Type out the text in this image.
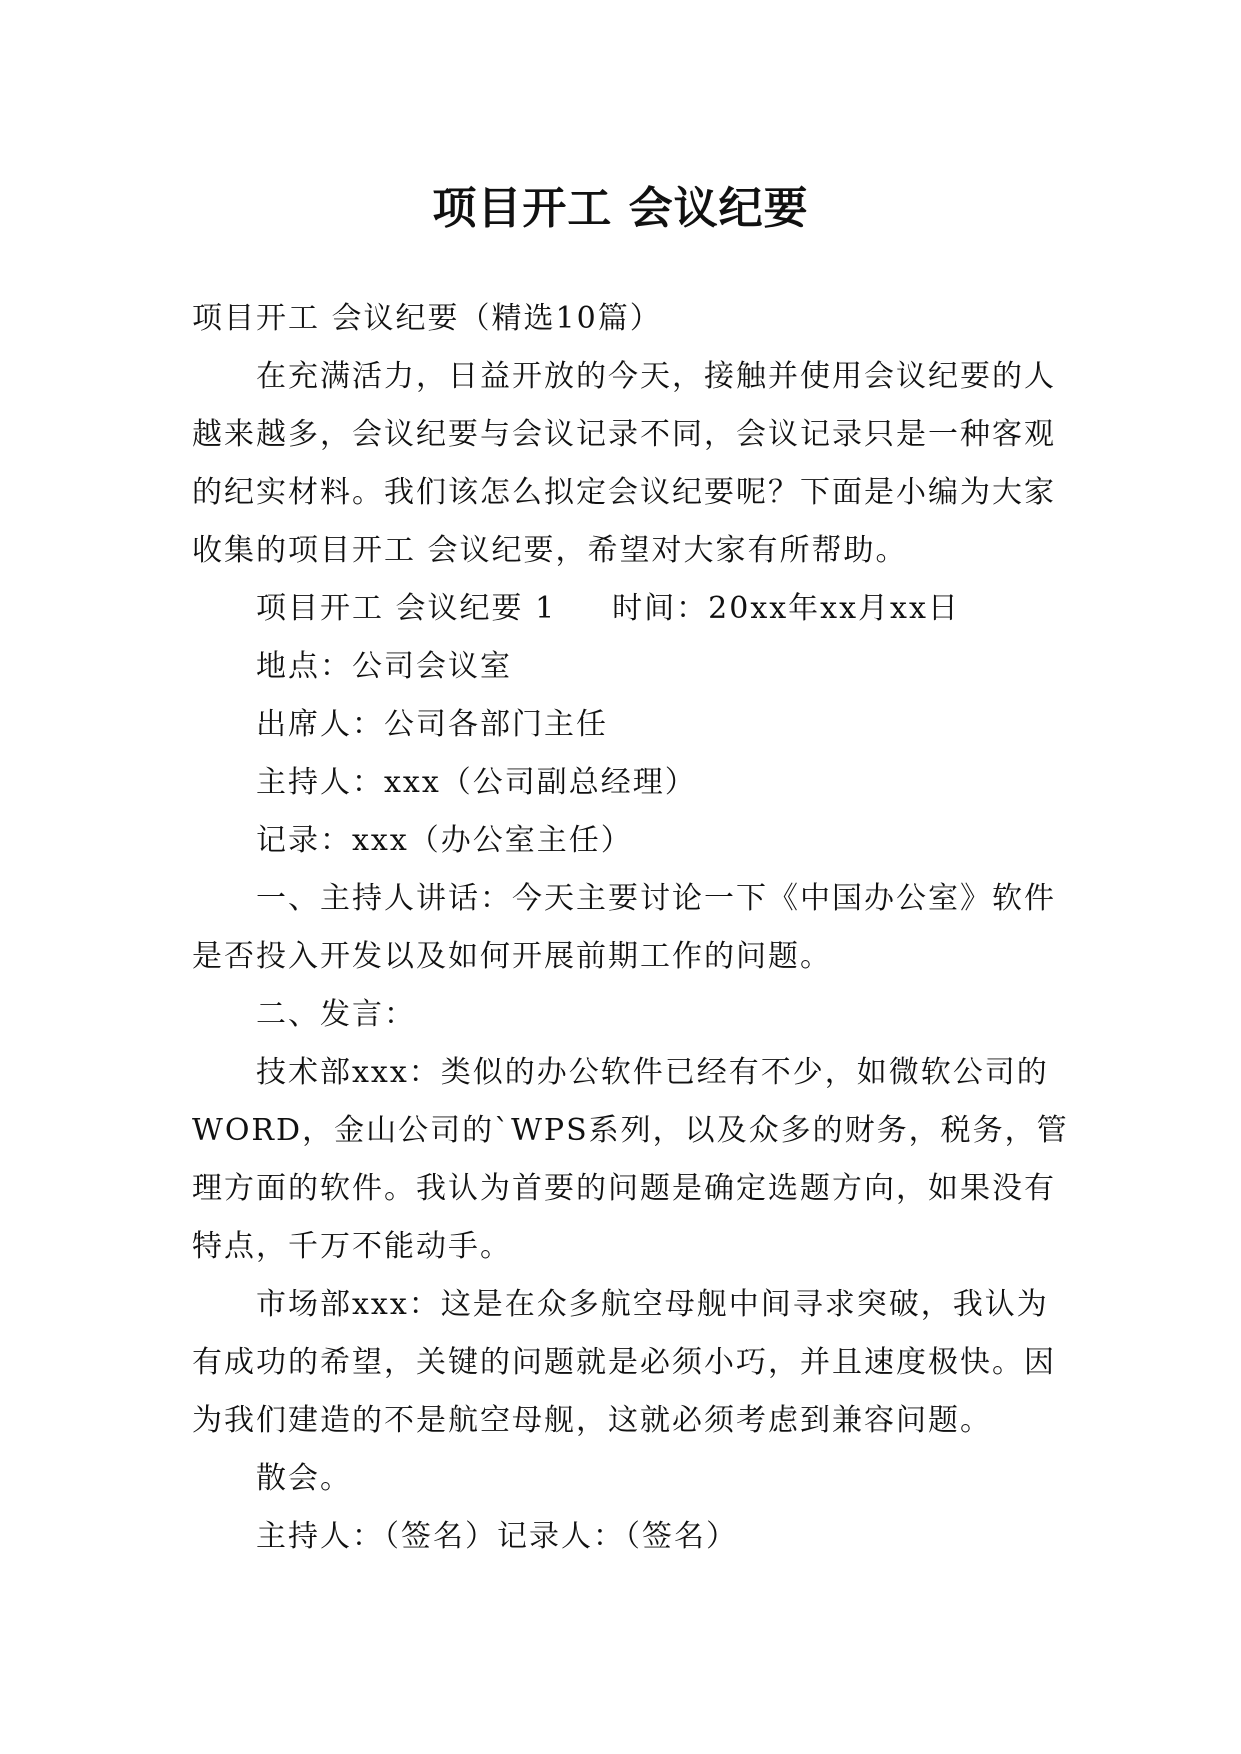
项目开工 会议纪要

项目开工 会议纪要（精选10篇）

在充满活力，日益开放的今天，接触并使用会议纪要的人越来越多，会议纪要与会议记录不同，会议记录只是一种客观的纪实材料。我们该怎么拟定会议纪要呢？下面是小编为大家收集的项目开工 会议纪要，希望对大家有所帮助。

项目开工 会议纪要 1 时间：20xx年xx月xx日

地点：公司会议室

出席人：公司各部门主任

主持人：xxx（公司副总经理）

记录：xxx（办公室主任）

一、主持人讲话：今天主要讨论一下《中国办公室》软件是否投入开发以及如何开展前期工作的问题。

二、发言：

技术部xxx：类似的办公软件已经有不少，如微软公司的WORD，金山公司的`WPS系列，以及众多的财务，税务，管理方面的软件。我认为首要的问题是确定选题方向，如果没有特点，千万不能动手。

市场部xxx：这是在众多航空母舰中间寻求突破，我认为有成功的希望，关键的问题就是必须小巧，并且速度极快。因为我们建造的不是航空母舰，这就必须考虑到兼容问题。

散会。

主持人：（签名）记录人：（签名）
